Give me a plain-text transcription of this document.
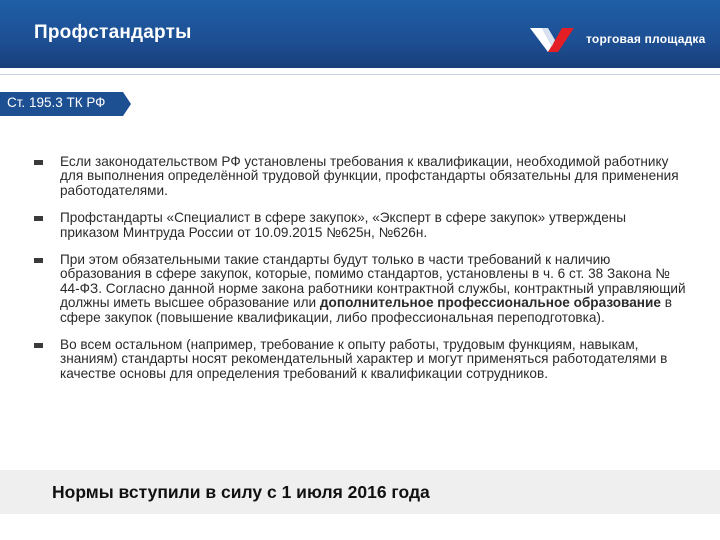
Профстандарты	торговая площадка
Ст. 195.3 ТК РФ
Если законодательством РФ установлены требования к квалификации, необходимой работнику для выполнения определённой трудовой функции, профстандарты обязательны для применения работодателями.
Профстандарты «Специалист в сфере закупок», «Эксперт в сфере закупок» утверждены приказом Минтруда России от 10.09.2015 №625н, №626н.
При этом обязательными такие стандарты будут только в части требований к наличию образования в сфере закупок, которые, помимо стандартов, установлены в ч. 6 ст. 38 Закона № 44-ФЗ. Согласно данной норме закона работники контрактной службы, контрактный управляющий должны иметь высшее образование или дополнительное профессиональное образование в сфере закупок (повышение квалификации, либо профессиональная переподготовка).
Во всем остальном (например, требование к опыту работы, трудовым функциям, навыкам, знаниям) стандарты носят рекомендательный характер и могут применяться работодателями в качестве основы для определения требований к квалификации сотрудников.
Нормы вступили в силу с 1 июля 2016 года
